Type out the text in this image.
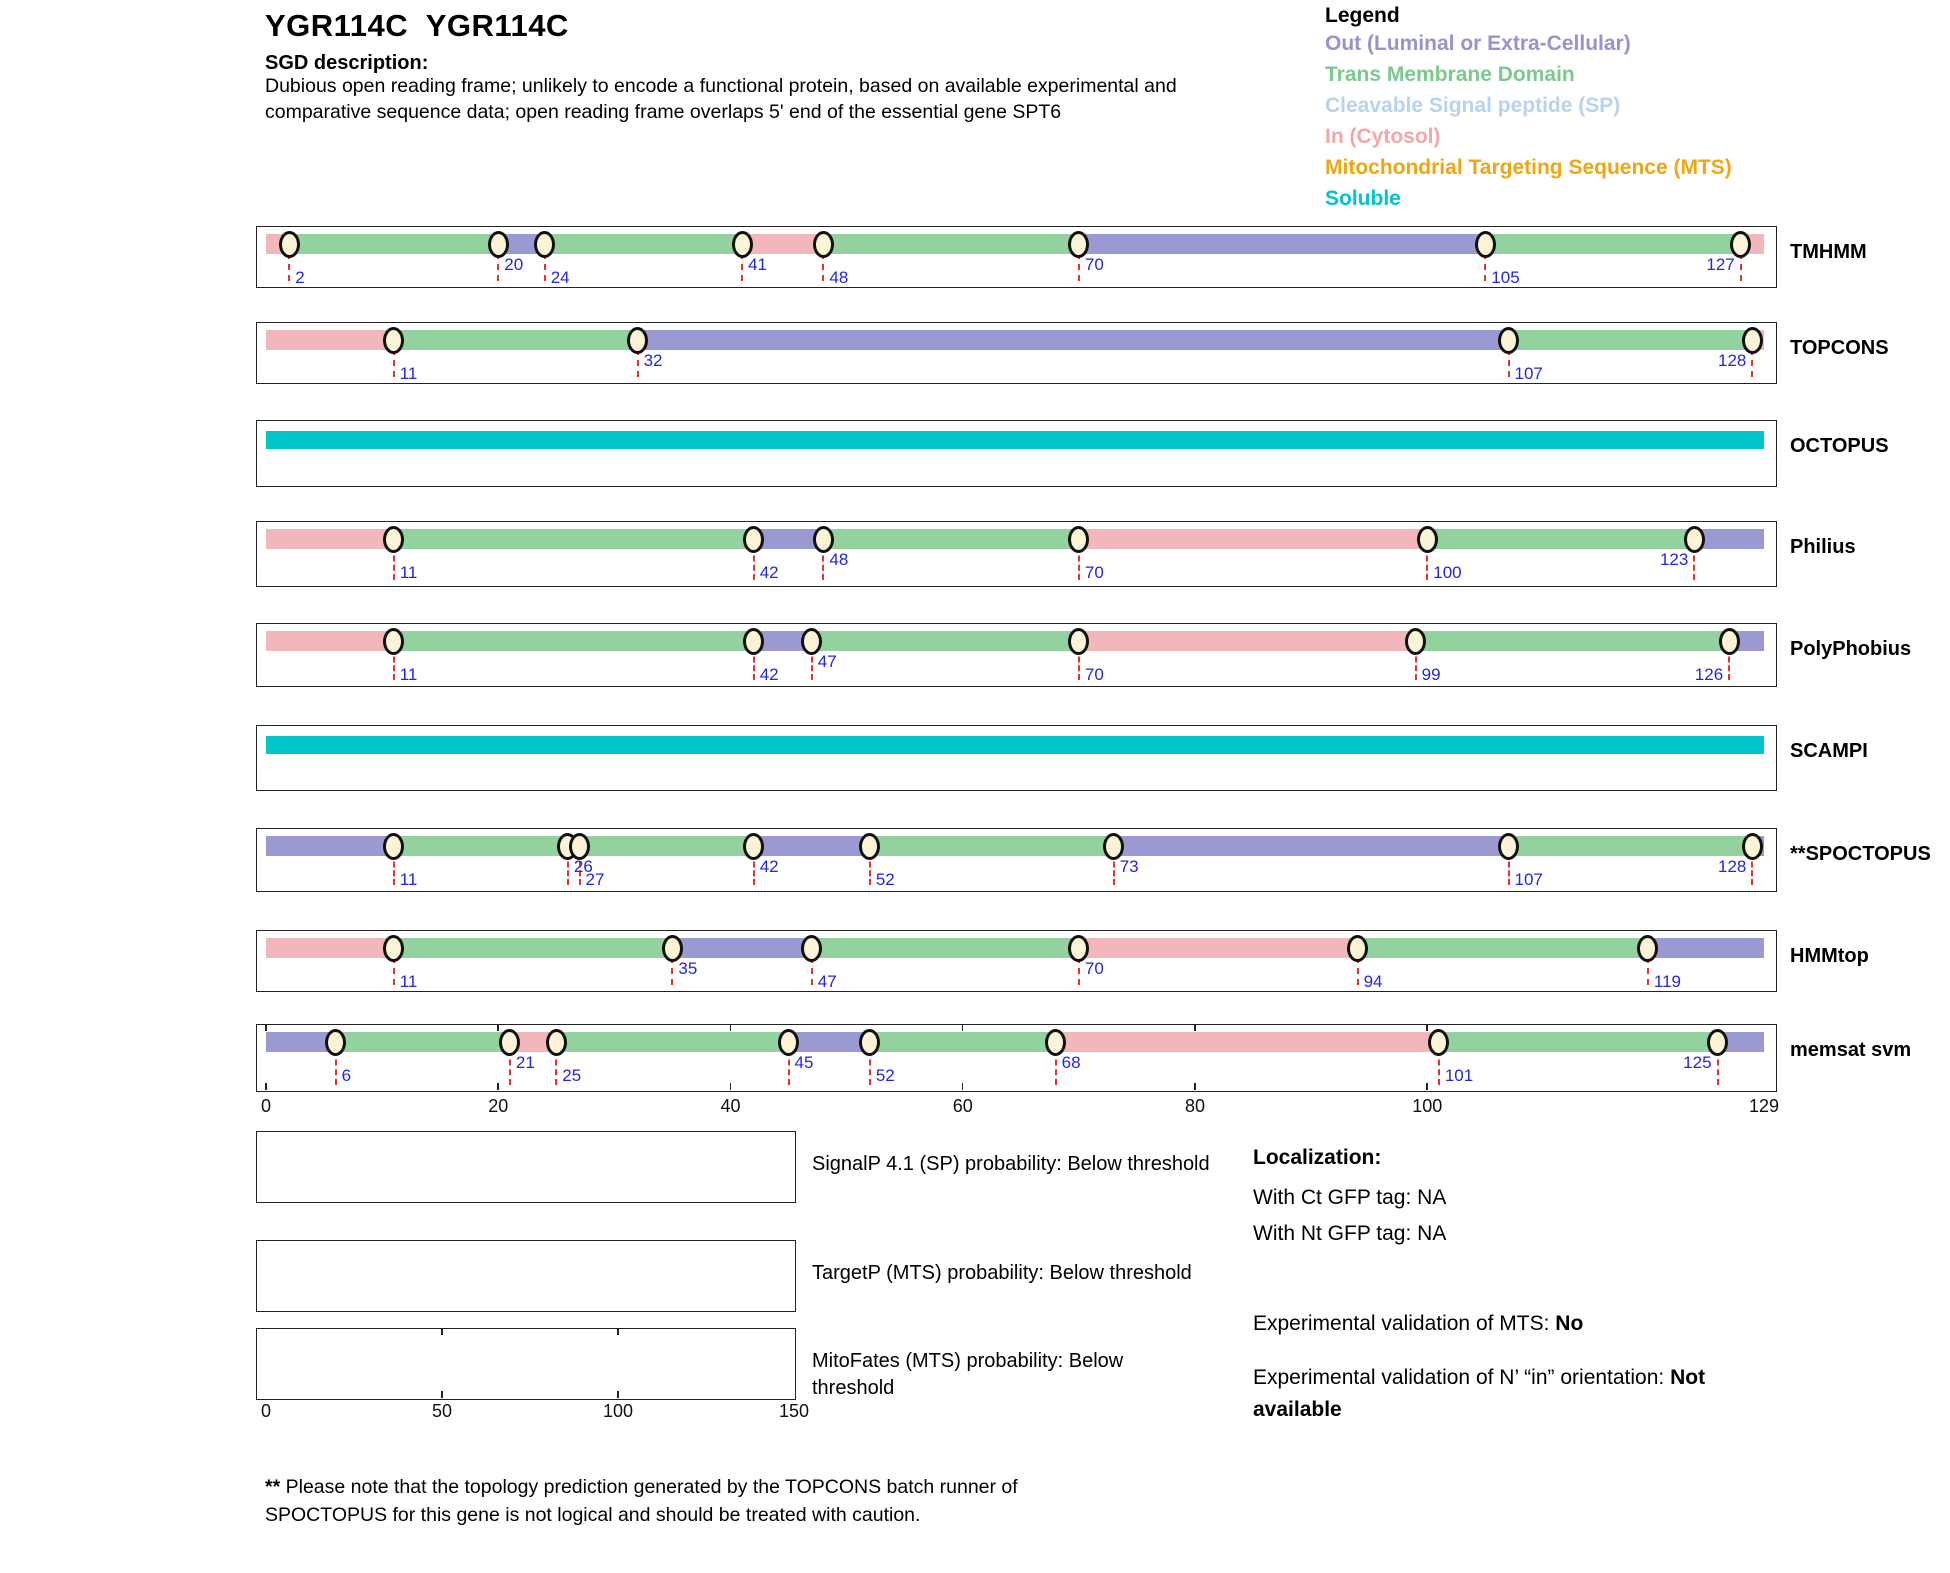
YGR114C  YGR114C
SGD description:
Dubious open reading frame; unlikely to encode a functional protein, based on available experimental and comparative sequence data; open reading frame overlaps 5' end of the essential gene SPT6
Legend
Out (Luminal or Extra-Cellular)
Trans Membrane Domain
Cleavable Signal peptide (SP)
In (Cytosol)
Mitochondrial Targeting Sequence (MTS)
Soluble
TMHMM
2
20
24
41
48
70
105
127
TOPCONS
11
32
107
128
OCTOPUS
Philius
11	42
48
70	100
123
PolyPhobius
11	42
47
70	99	126
SCAMPI
**SPOCTOPUS
11
26
27
42
52
73
107
128
HMMtop
11
35
47
70
94	119
memsat svm
6
21
25
45
52
68
101
125
0	20	40	60	80	100	129
SignalP 4.1 (SP) probability: Below threshold
TargetP (MTS) probability: Below threshold
MitoFates (MTS) probability: Below threshold
0	50	100	150
Localization:
With Ct GFP tag: NA
With Nt GFP tag: NA
Experimental validation of MTS: No
Experimental validation of N’ “in” orientation: Not available
** Please note that the topology prediction generated by the TOPCONS batch runner of SPOCTOPUS for this gene is not logical and should be treated with caution.
